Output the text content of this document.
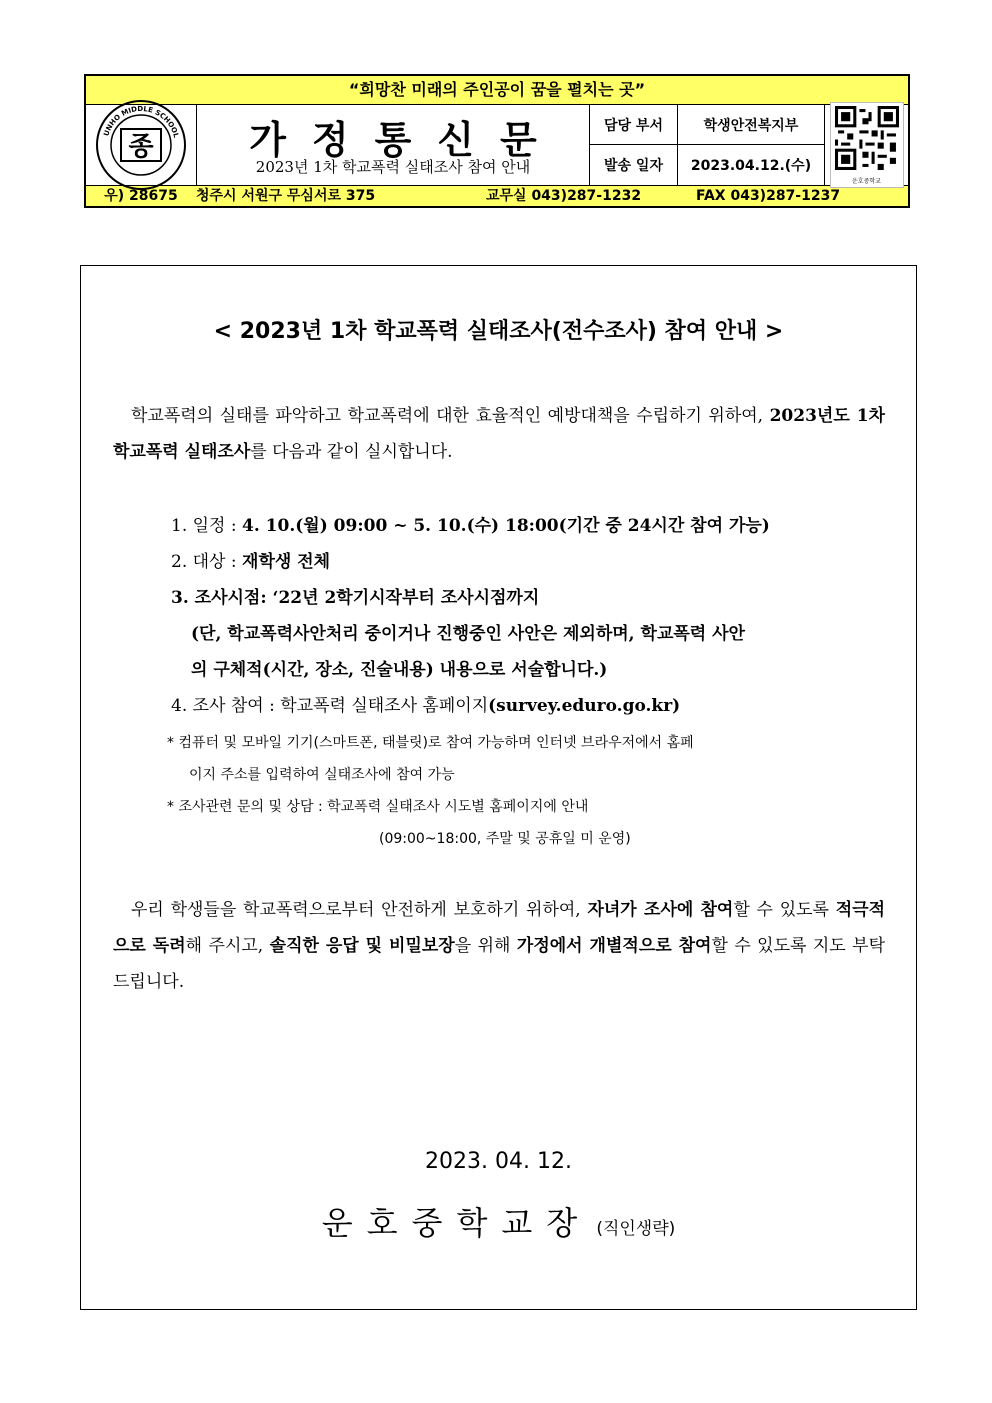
“희망찬 미래의 주인공이 꿈을 펼치는 곳”
UNHO MIDDLE SCHOOL
종	가정통신문
2023년 1차 학교폭력 실태조사 참여 안내
담당 부서	학생안전복지부
발송 일자	2023.04.12.(수)
운호중학교
우) 28675	청주시 서원구 무심서로 375	교무실 043)287-1232	FAX 043)287-1237
< 2023년 1차 학교폭력 실태조사(전수조사) 참여 안내 >
학교폭력의 실태를 파악하고 학교폭력에 대한 효율적인 예방대책을 수립하기 위하여, 2023년도 1차 학교폭력 실태조사를 다음과 같이 실시합니다.
1. 일정 : 4. 10.(월) 09:00 ~ 5. 10.(수) 18:00(기간 중 24시간 참여 가능)
2. 대상 : 재학생 전체
3. 조사시점: ‘22년 2학기시작부터 조사시점까지
(단, 학교폭력사안처리 중이거나 진행중인 사안은 제외하며, 학교폭력 사안
의 구체적(시간, 장소, 진술내용) 내용으로 서술합니다.)
4. 조사 참여 : 학교폭력 실태조사 홈페이지(survey.eduro.go.kr)
* 컴퓨터 및 모바일 기기(스마트폰, 태블릿)로 참여 가능하며 인터넷 브라우저에서 홈페
이지 주소를 입력하여 실태조사에 참여 가능
* 조사관련 문의 및 상담 : 학교폭력 실태조사 시도별 홈페이지에 안내
(09:00~18:00, 주말 및 공휴일 미 운영)
우리 학생들을 학교폭력으로부터 안전하게 보호하기 위하여, 자녀가 조사에 참여할 수 있도록 적극적으로 독려해 주시고, 솔직한 응답 및 비밀보장을 위해 가정에서 개별적으로 참여할 수 있도록 지도 부탁드립니다.
2023. 04. 12.
운호중학교장 (직인생략)
